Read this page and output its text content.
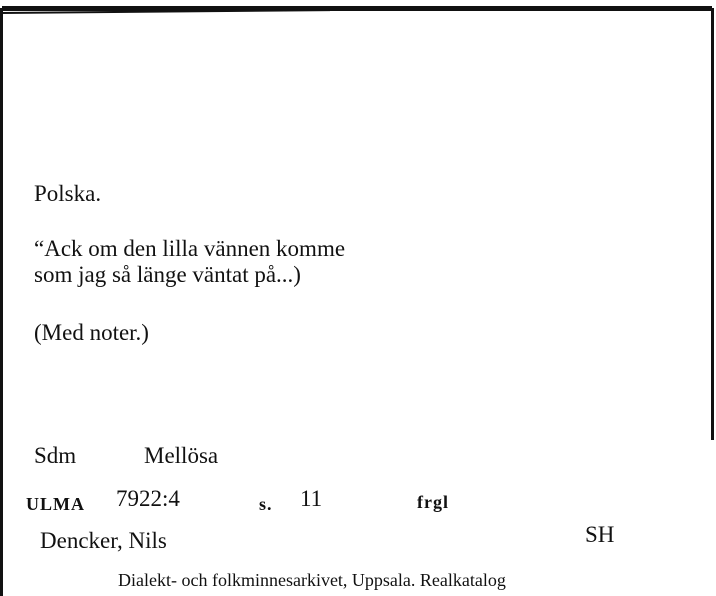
Polska.
“Ack om den lilla vännen komme
som jag så länge väntat på...)
(Med noter.)
Sdm	Mellösa
ULMA 7922:4	s. 11	frgl
Dencker, Nils	SH
Dialekt- och folkminnesarkivet, Uppsala. Realkatalog
